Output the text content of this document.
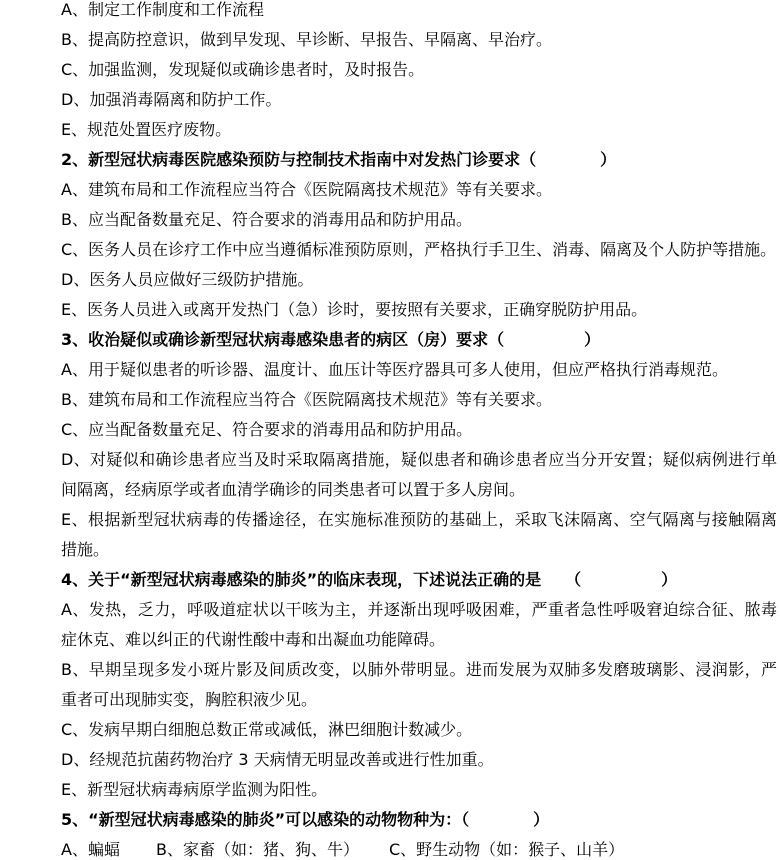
A、制定工作制度和工作流程
B、提高防控意识，做到早发现、早诊断、早报告、早隔离、早治疗。
C、加强监测，发现疑似或确诊患者时，及时报告。
D、加强消毒隔离和防护工作。
E、规范处置医疗废物。
2、新型冠状病毒医院感染预防与控制技术指南中对发热门诊要求（　　　　）
A、建筑布局和工作流程应当符合《医院隔离技术规范》等有关要求。
B、应当配备数量充足、符合要求的消毒用品和防护用品。
C、医务人员在诊疗工作中应当遵循标准预防原则，严格执行手卫生、消毒、隔离及个人防护等措施。
D、医务人员应做好三级防护措施。
E、医务人员进入或离开发热门（急）诊时，要按照有关要求，正确穿脱防护用品。
3、收治疑似或确诊新型冠状病毒感染患者的病区（房）要求（　　　　　）
A、用于疑似患者的听诊器、温度计、血压计等医疗器具可多人使用，但应严格执行消毒规范。
B、建筑布局和工作流程应当符合《医院隔离技术规范》等有关要求。
C、应当配备数量充足、符合要求的消毒用品和防护用品。
D、对疑似和确诊患者应当及时采取隔离措施，疑似患者和确诊患者应当分开安置；疑似病例进行单
间隔离，经病原学或者血清学确诊的同类患者可以置于多人房间。
E、根据新型冠状病毒的传播途径，在实施标准预防的基础上，采取飞沫隔离、空气隔离与接触隔离
措施。
4、关于“新型冠状病毒感染的肺炎”的临床表现，下述说法正确的是　　（　　　　　）
A、发热，乏力，呼吸道症状以干咳为主，并逐渐出现呼吸困难，严重者急性呼吸窘迫综合征、脓毒
症休克、难以纠正的代谢性酸中毒和出凝血功能障碍。
B、早期呈现多发小斑片影及间质改变，以肺外带明显。进而发展为双肺多发磨玻璃影、浸润影，严
重者可出现肺实变，胸腔积液少见。
C、发病早期白细胞总数正常或减低，淋巴细胞计数减少。
D、经规范抗菌药物治疗 3 天病情无明显改善或进行性加重。
E、新型冠状病毒病原学监测为阳性。
5、“新型冠状病毒感染的肺炎”可以感染的动物物种为：（　　　　）
A、蝙蝠 B、家畜（如：猪、狗、牛） C、野生动物（如：猴子、山羊）
